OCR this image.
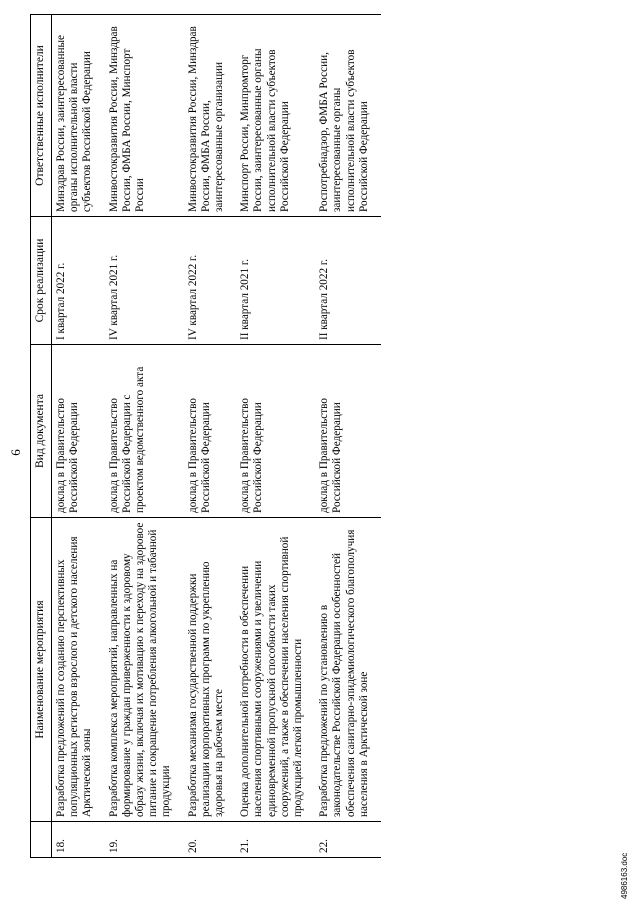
6
	Наименование мероприятия	Вид документа	Срок реализации	Ответственные исполнители
18.	Разработка предложений по созданию перспективных популяционных регистров взрослого и детского населения Арктической зоны	доклад в Правительство Российской Федерации	I квартал 2022 г.	Минздрав России, заинтересованные органы исполнительной власти субъектов Российской Федерации
19.	Разработка комплекса мероприятий, направленных на формирование у граждан приверженности к здоровому образу жизни, включая их мотивацию к переходу на здоровое питание и сокращение потребления алкогольной и табачной продукции	доклад в Правительство Российской Федерации с проектом ведомственного акта	IV квартал 2021 г.	Минвостокразвития России, Минздрав России, ФМБА России, Минспорт России
20.	Разработка механизма государственной поддержки реализации корпоративных программ по укреплению здоровья на рабочем месте	доклад в Правительство Российской Федерации	IV квартал 2022 г.	Минвостокразвития России, Минздрав России, ФМБА России, заинтересованные организации
21.	Оценка дополнительной потребности в обеспечении населения спортивными сооружениями и увеличении единовременной пропускной способности таких сооружений, а также в обеспечении населения спортивной продукцией легкой промышленности	доклад в Правительство Российской Федерации	II квартал 2021 г.	Минспорт России, Минпромторг России, заинтересованные органы исполнительной власти субъектов Российской Федерации
22.	Разработка предложений по установлению в законодательстве Российской Федерации особенностей обеспечения санитарно-эпидемиологического благополучия населения в Арктической зоне	доклад в Правительство Российской Федерации	II квартал 2022 г.	Роспотребнадзор, ФМБА России, заинтересованные органы исполнительной власти субъектов Российской Федерации
4986163.doc
